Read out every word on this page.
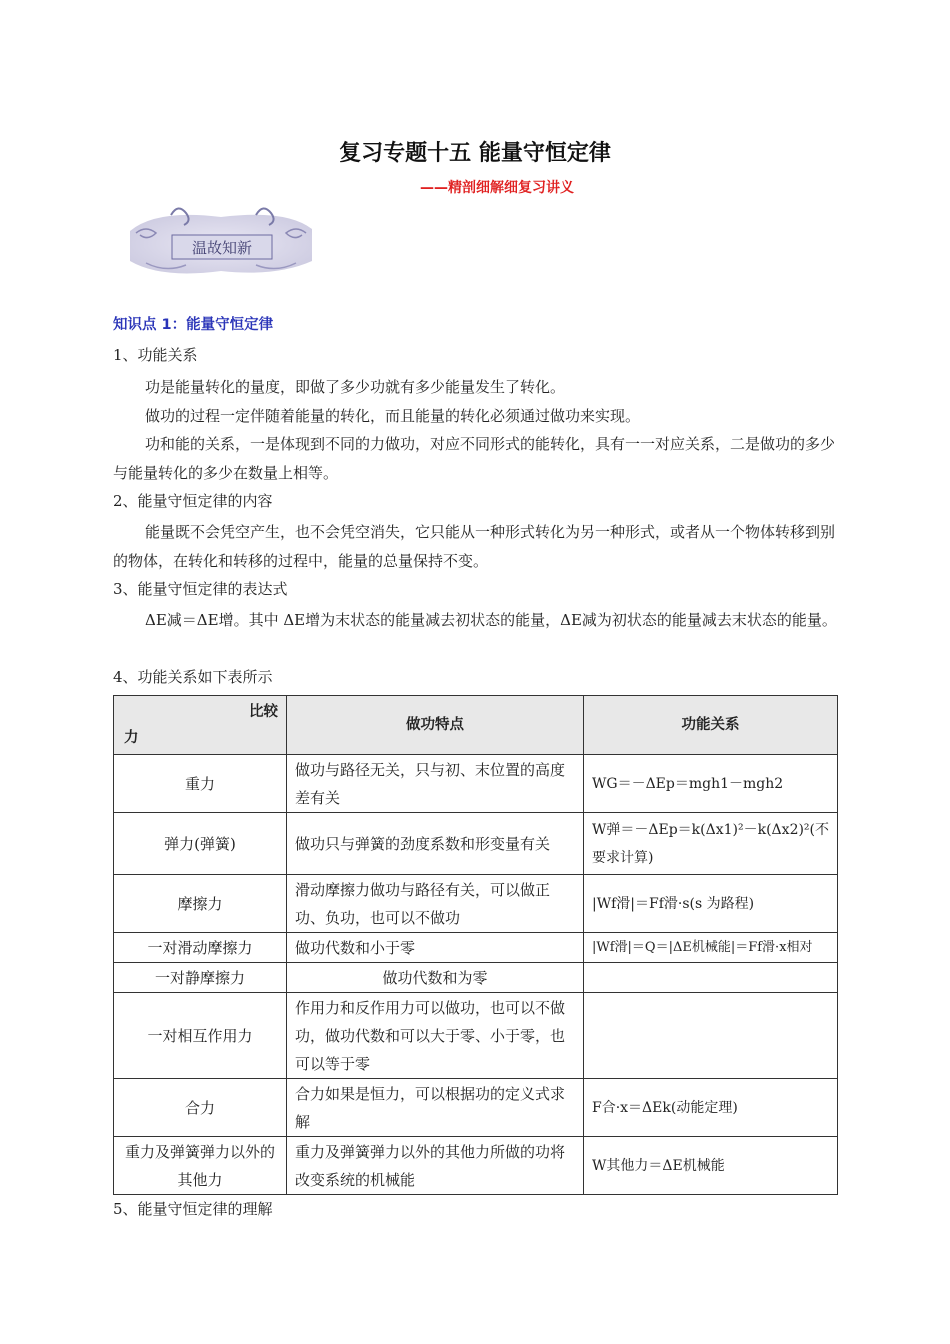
复习专题十五 能量守恒定律
——精剖细解细复习讲义
温故知新
知识点 1：能量守恒定律
1、功能关系
功是能量转化的量度，即做了多少功就有多少能量发生了转化。
做功的过程一定伴随着能量的转化，而且能量的转化必须通过做功来实现。
功和能的关系，一是体现到不同的力做功，对应不同形式的能转化，具有一一对应关系，二是做功的多少与能量转化的多少在数量上相等。
2、能量守恒定律的内容
能量既不会凭空产生，也不会凭空消失，它只能从一种形式转化为另一种形式，或者从一个物体转移到别的物体，在转化和转移的过程中，能量的总量保持不变。
3、能量守恒定律的表达式
ΔE减＝ΔE增。其中 ΔE增为末状态的能量减去初状态的能量，ΔE减为初状态的能量减去末状态的能量。
4、功能关系如下表所示
比较
力	做功特点	功能关系
重力	做功与路径无关，只与初、末位置的高度差有关	WG＝－ΔEp＝mgh1－mgh2
弹力(弹簧)	做功只与弹簧的劲度系数和形变量有关	W弹＝－ΔEp＝k(Δx1)²－k(Δx2)²(不要求计算)
摩擦力	滑动摩擦力做功与路径有关，可以做正功、负功，也可以不做功	|Wf滑|＝Ff滑·s(s 为路程)
一对滑动摩擦力	做功代数和小于零	|Wf滑|＝Q＝|ΔE机械能|＝Ff滑·x相对
一对静摩擦力	做功代数和为零	
一对相互作用力	作用力和反作用力可以做功，也可以不做功，做功代数和可以大于零、小于零，也可以等于零	
合力	合力如果是恒力，可以根据功的定义式求解	F合·x＝ΔEk(动能定理)
重力及弹簧弹力以外的其他力	重力及弹簧弹力以外的其他力所做的功将改变系统的机械能	W其他力＝ΔE机械能
5、能量守恒定律的理解
